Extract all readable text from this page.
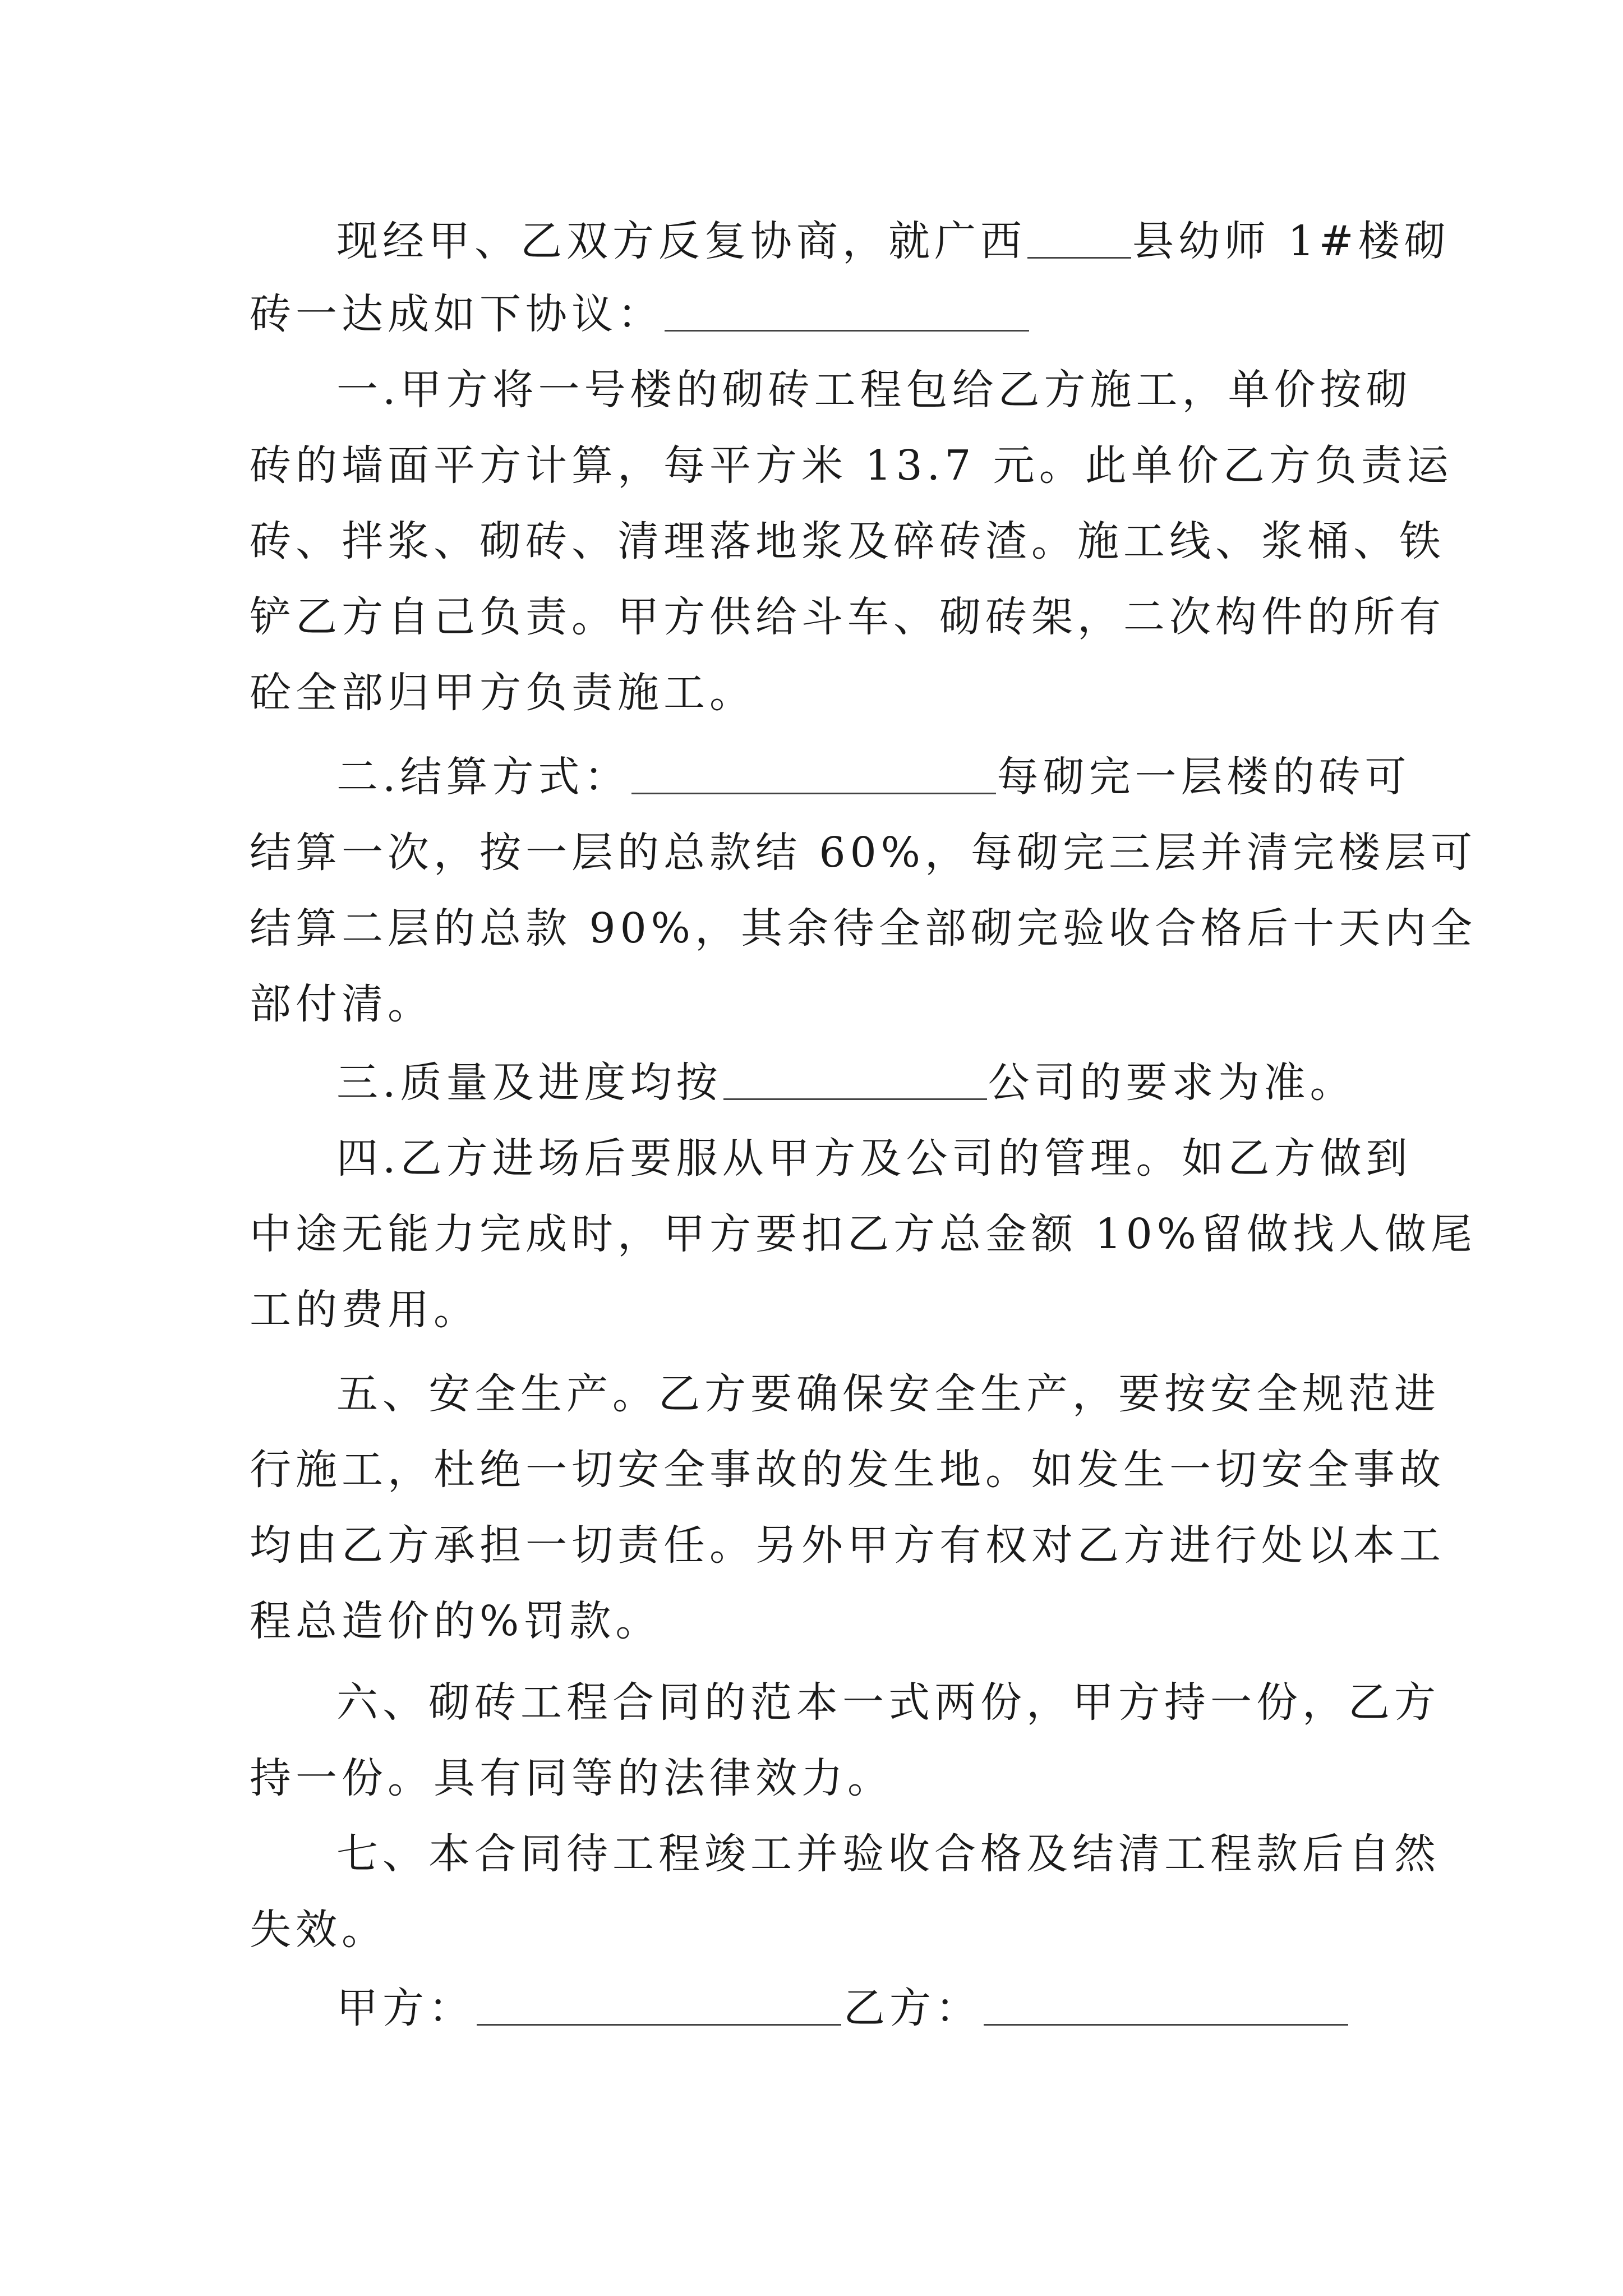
现经甲、乙双方反复协商，就广西	县幼师 1#楼砌
砖一达成如下协议：
一.甲方将一号楼的砌砖工程包给乙方施工，单价按砌
砖的墙面平方计算，每平方米 13.7 元。此单价乙方负责运
砖、拌浆、砌砖、清理落地浆及碎砖渣。施工线、浆桶、铁
铲乙方自己负责。甲方供给斗车、砌砖架，二次构件的所有
砼全部归甲方负责施工。
二.结算方式：	每砌完一层楼的砖可
结算一次，按一层的总款结 60%，每砌完三层并清完楼层可
结算二层的总款 90%，其余待全部砌完验收合格后十天内全
部付清。
三.质量及进度均按	公司的要求为准。
四.乙方进场后要服从甲方及公司的管理。如乙方做到
中途无能力完成时，甲方要扣乙方总金额 10%留做找人做尾
工的费用。
五、安全生产。乙方要确保安全生产，要按安全规范进
行施工，杜绝一切安全事故的发生地。如发生一切安全事故
均由乙方承担一切责任。另外甲方有权对乙方进行处以本工
程总造价的%罚款。
六、砌砖工程合同的范本一式两份，甲方持一份，乙方
持一份。具有同等的法律效力。
七、本合同待工程竣工并验收合格及结清工程款后自然
失效。
甲方：	乙方：
